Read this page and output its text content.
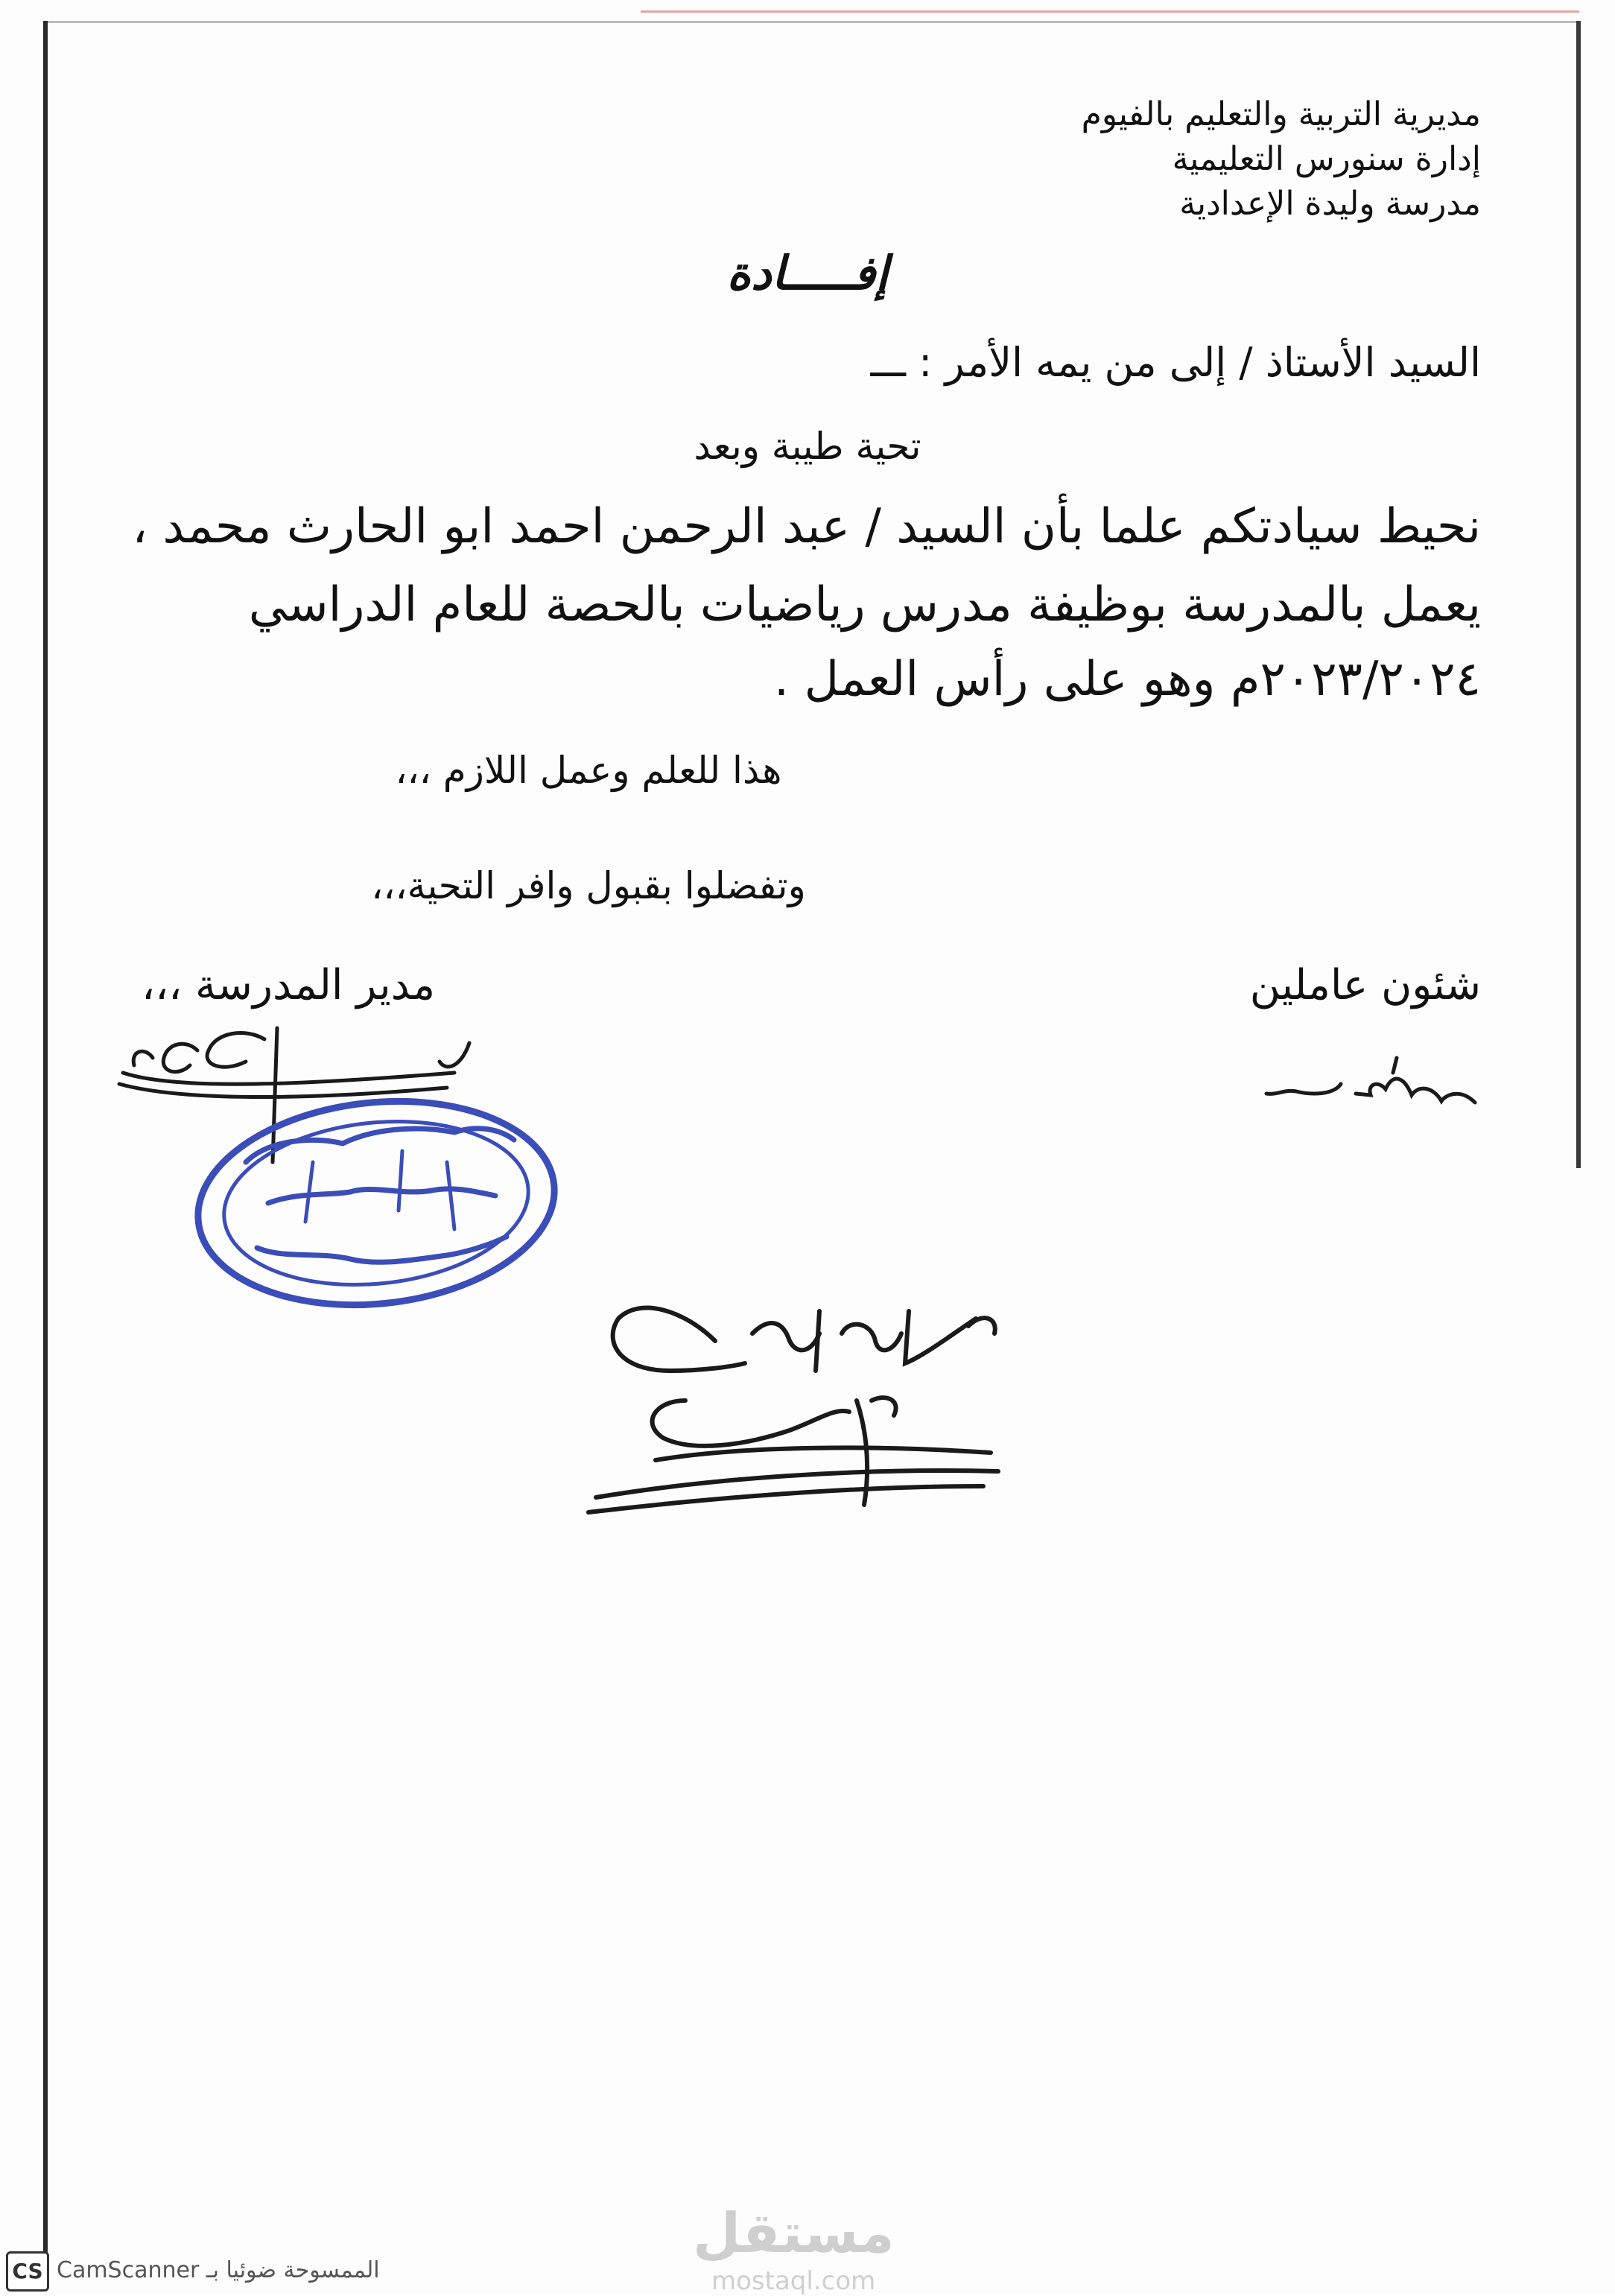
مديرية التربية والتعليم بالفيوم
إدارة سنورس التعليمية
مدرسة وليدة الإعدادية
إفـــــادة
السيد الأستاذ / إلى من يمه الأمر : ـــ
تحية طيبة وبعد
نحيط سيادتكم علما بأن السيد / عبد الرحمن احمد ابو الحارث محمد ،
يعمل بالمدرسة بوظيفة مدرس رياضيات بالحصة للعام الدراسي
٢٠٢٣/٢٠٢٤م وهو على رأس العمل .
هذا للعلم وعمل اللازم ،،،
وتفضلوا بقبول وافر التحية،،،
شئون عاملين
مدير المدرسة ،،،
مستقل
mostaql.com
CS الممسوحة ضوئيا بـ CamScanner
